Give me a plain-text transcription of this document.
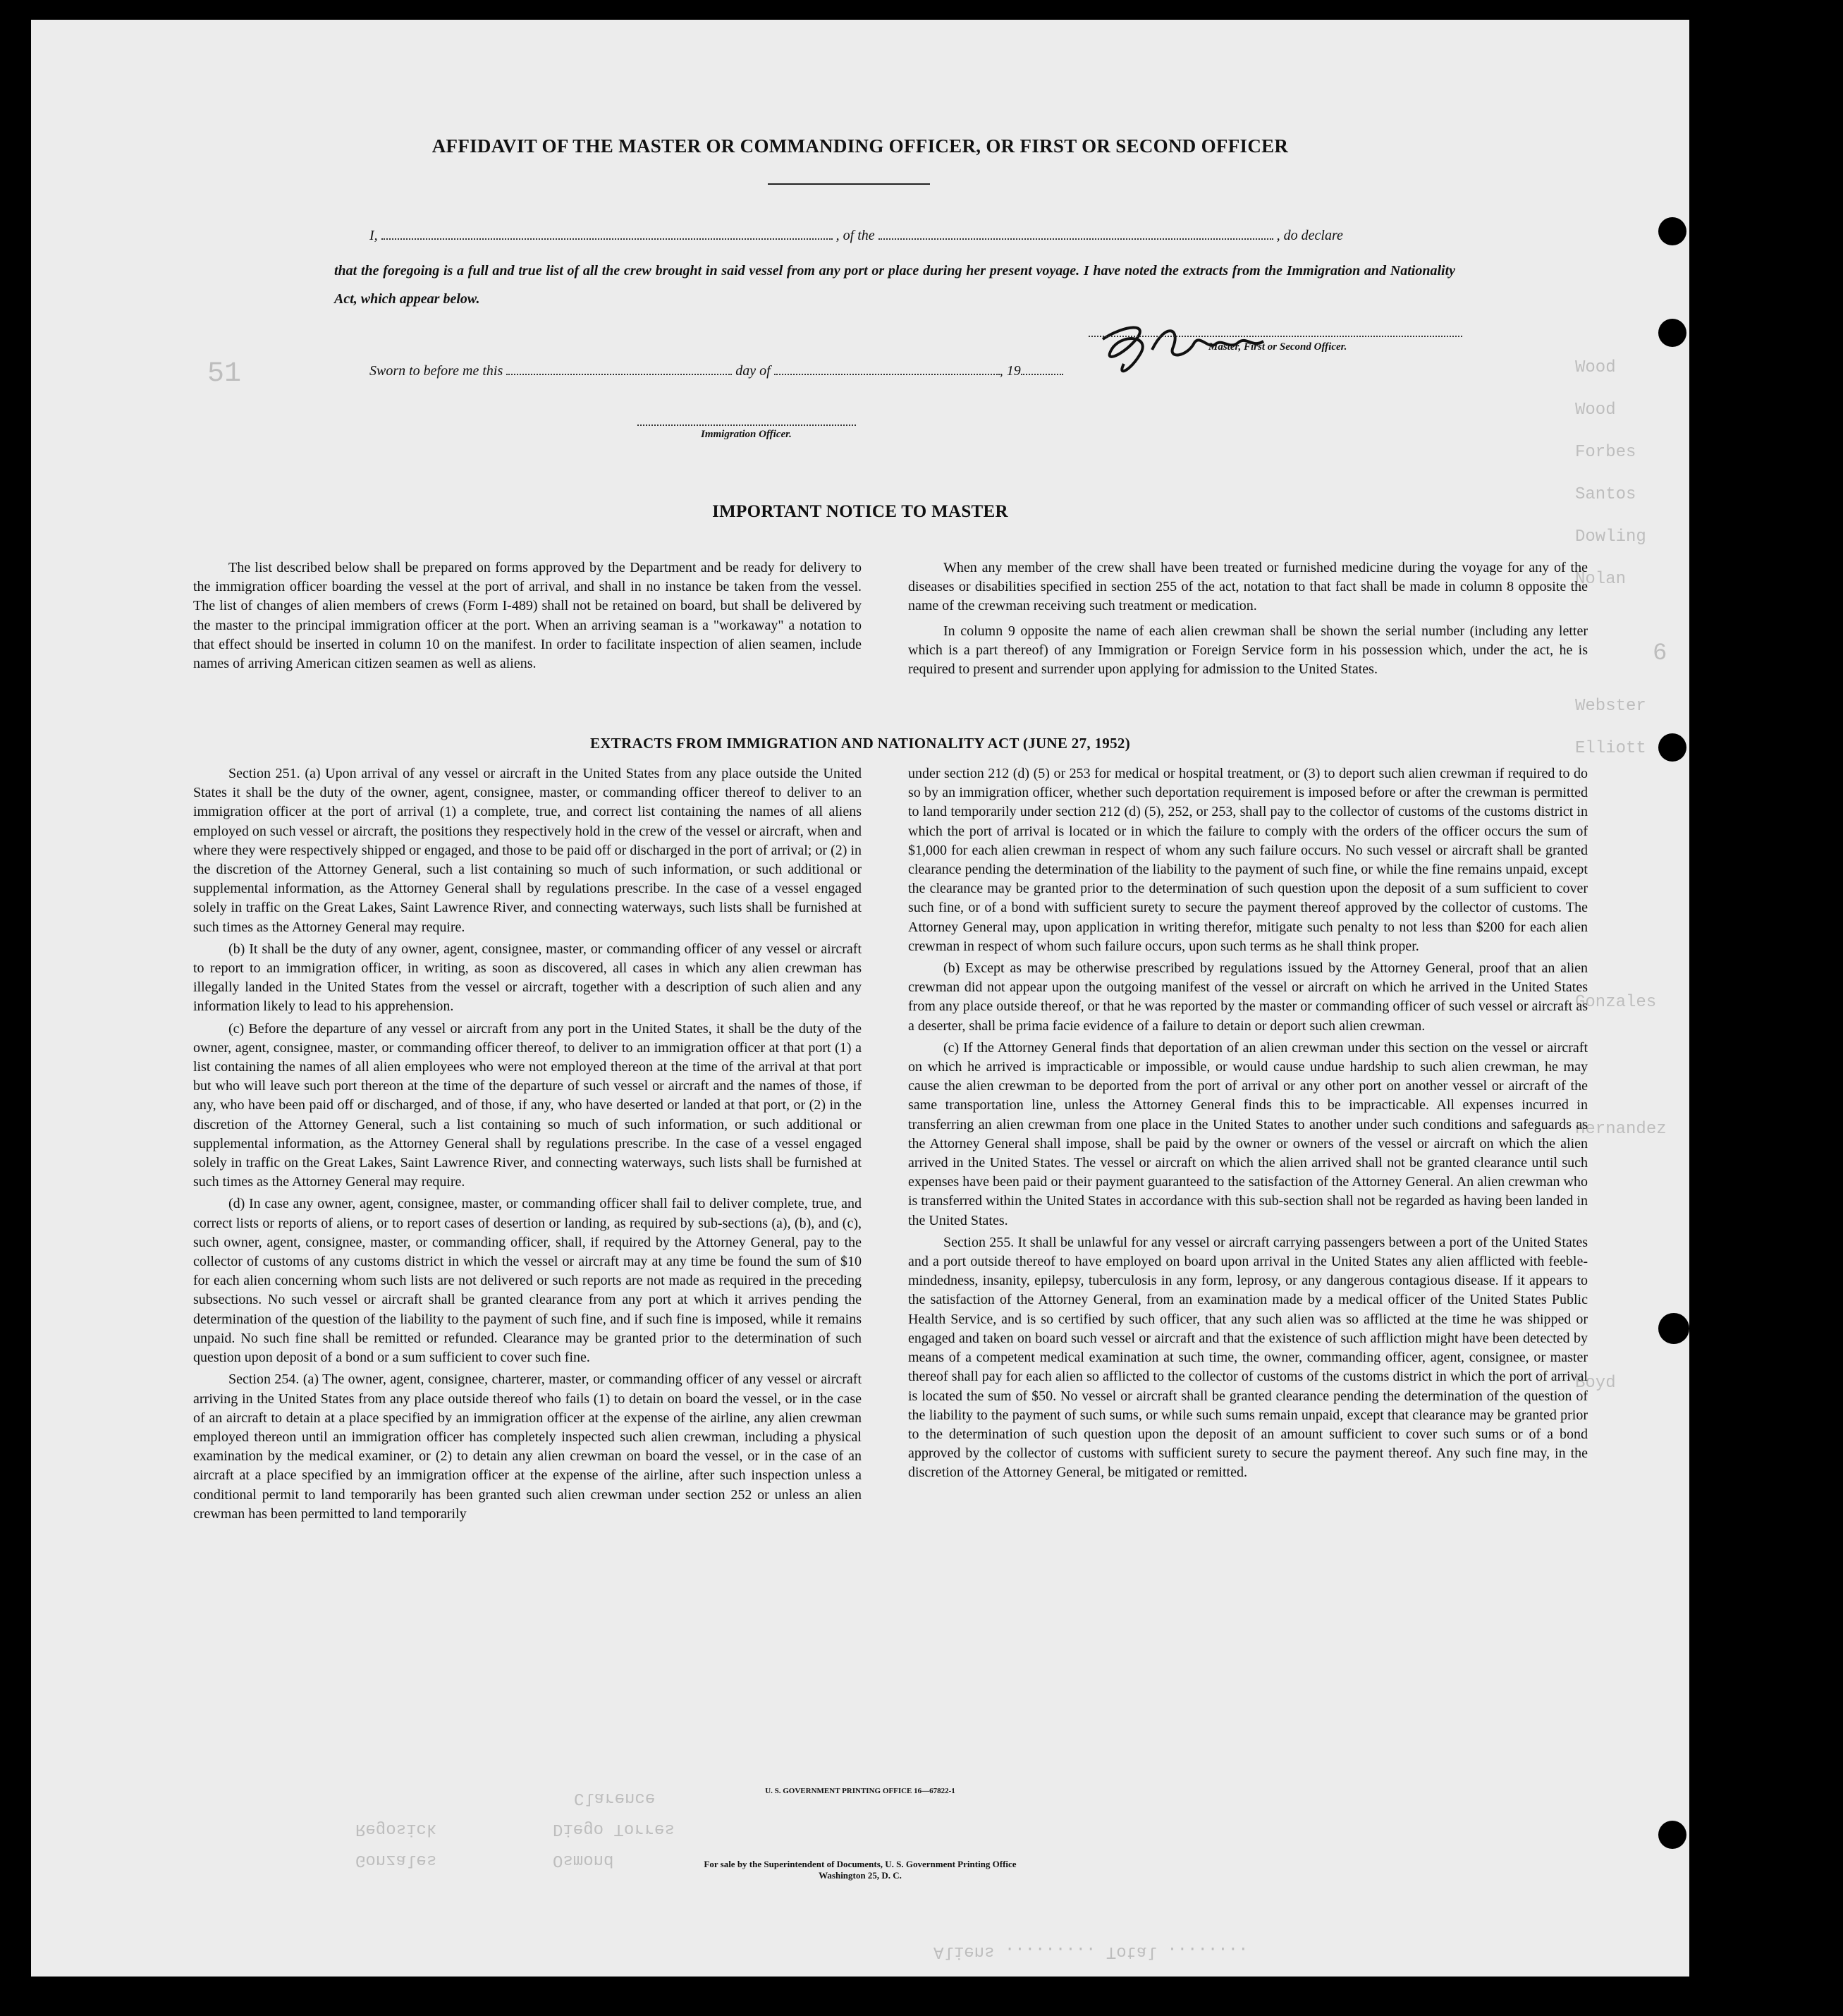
51
6
Wood
Wood
Forbes
Santos
Dowling
Nolan
Webster
Elliott
Gonzales
Hernandez
Boyd
Clarence
Diego Torres
Osmond
Regosick
Gonzales
Aliens ......... Total ........
AFFIDAVIT OF THE MASTER OR COMMANDING OFFICER, OR FIRST OR SECOND OFFICER
I,	, of the	, do declare
that the foregoing is a full and true list of all the crew brought in said vessel from any port or place during her present voyage. I have noted the extracts from the Immigration and Nationality Act, which appear below.
Master, First or Second Officer.
Sworn to before me this	day of	, 19
Immigration Officer.
IMPORTANT NOTICE TO MASTER

The list described below shall be prepared on forms approved by the Department and be ready for delivery to the immigration officer boarding the vessel at the port of arrival, and shall in no instance be taken from the vessel. The list of changes of alien members of crews (Form I-489) shall not be retained on board, but shall be delivered by the master to the principal immigration officer at the port. When an arriving seaman is a "workaway" a notation to that effect should be inserted in column 10 on the manifest. In order to facilitate inspection of alien seamen, include names of arriving American citizen seamen as well as aliens.

When any member of the crew shall have been treated or furnished medicine during the voyage for any of the diseases or disabilities specified in section 255 of the act, notation to that fact shall be made in column 8 opposite the name of the crewman receiving such treatment or medication.

In column 9 opposite the name of each alien crewman shall be shown the serial number (including any letter which is a part thereof) of any Immigration or Foreign Service form in his possession which, under the act, he is required to present and surrender upon applying for admission to the United States.

EXTRACTS FROM IMMIGRATION AND NATIONALITY ACT (JUNE 27, 1952)

Section 251. (a) Upon arrival of any vessel or aircraft in the United States from any place outside the United States it shall be the duty of the owner, agent, consignee, master, or commanding officer thereof to deliver to an immigration officer at the port of arrival (1) a complete, true, and correct list containing the names of all aliens employed on such vessel or aircraft, the positions they respectively hold in the crew of the vessel or aircraft, when and where they were respectively shipped or engaged, and those to be paid off or discharged in the port of arrival; or (2) in the discretion of the Attorney General, such a list containing so much of such information, or such additional or supplemental information, as the Attorney General shall by regulations prescribe. In the case of a vessel engaged solely in traffic on the Great Lakes, Saint Lawrence River, and connecting waterways, such lists shall be furnished at such times as the Attorney General may require.

(b) It shall be the duty of any owner, agent, consignee, master, or commanding officer of any vessel or aircraft to report to an immigration officer, in writing, as soon as discovered, all cases in which any alien crewman has illegally landed in the United States from the vessel or aircraft, together with a description of such alien and any information likely to lead to his apprehension.

(c) Before the departure of any vessel or aircraft from any port in the United States, it shall be the duty of the owner, agent, consignee, master, or commanding officer thereof, to deliver to an immigration officer at that port (1) a list containing the names of all alien employees who were not employed thereon at the time of the arrival at that port but who will leave such port thereon at the time of the departure of such vessel or aircraft and the names of those, if any, who have been paid off or discharged, and of those, if any, who have deserted or landed at that port, or (2) in the discretion of the Attorney General, such a list containing so much of such information, or such additional or supplemental information, as the Attorney General shall by regulations prescribe. In the case of a vessel engaged solely in traffic on the Great Lakes, Saint Lawrence River, and connecting waterways, such lists shall be furnished at such times as the Attorney General may require.

(d) In case any owner, agent, consignee, master, or commanding officer shall fail to deliver complete, true, and correct lists or reports of aliens, or to report cases of desertion or landing, as required by sub-sections (a), (b), and (c), such owner, agent, consignee, master, or commanding officer, shall, if required by the Attorney General, pay to the collector of customs of any customs district in which the vessel or aircraft may at any time be found the sum of $10 for each alien concerning whom such lists are not delivered or such reports are not made as required in the preceding subsections. No such vessel or aircraft shall be granted clearance from any port at which it arrives pending the determination of the question of the liability to the payment of such fine, and if such fine is imposed, while it remains unpaid. No such fine shall be remitted or refunded. Clearance may be granted prior to the determination of such question upon deposit of a bond or a sum sufficient to cover such fine.

Section 254. (a) The owner, agent, consignee, charterer, master, or commanding officer of any vessel or aircraft arriving in the United States from any place outside thereof who fails (1) to detain on board the vessel, or in the case of an aircraft to detain at a place specified by an immigration officer at the expense of the airline, any alien crewman employed thereon until an immigration officer has completely inspected such alien crewman, including a physical examination by the medical examiner, or (2) to detain any alien crewman on board the vessel, or in the case of an aircraft at a place specified by an immigration officer at the expense of the airline, after such inspection unless a conditional permit to land temporarily has been granted such alien crewman under section 252 or unless an alien crewman has been permitted to land temporarily

under section 212 (d) (5) or 253 for medical or hospital treatment, or (3) to deport such alien crewman if required to do so by an immigration officer, whether such deportation requirement is imposed before or after the crewman is permitted to land temporarily under section 212 (d) (5), 252, or 253, shall pay to the collector of customs of the customs district in which the port of arrival is located or in which the failure to comply with the orders of the officer occurs the sum of $1,000 for each alien crewman in respect of whom any such failure occurs. No such vessel or aircraft shall be granted clearance pending the determination of the liability to the payment of such fine, or while the fine remains unpaid, except the clearance may be granted prior to the determination of such question upon the deposit of a sum sufficient to cover such fine, or of a bond with sufficient surety to secure the payment thereof approved by the collector of customs. The Attorney General may, upon application in writing therefor, mitigate such penalty to not less than $200 for each alien crewman in respect of whom such failure occurs, upon such terms as he shall think proper.

(b) Except as may be otherwise prescribed by regulations issued by the Attorney General, proof that an alien crewman did not appear upon the outgoing manifest of the vessel or aircraft on which he arrived in the United States from any place outside thereof, or that he was reported by the master or commanding officer of such vessel or aircraft as a deserter, shall be prima facie evidence of a failure to detain or deport such alien crewman.

(c) If the Attorney General finds that deportation of an alien crewman under this section on the vessel or aircraft on which he arrived is impracticable or impossible, or would cause undue hardship to such alien crewman, he may cause the alien crewman to be deported from the port of arrival or any other port on another vessel or aircraft of the same transportation line, unless the Attorney General finds this to be impracticable. All expenses incurred in transferring an alien crewman from one place in the United States to another under such conditions and safeguards as the Attorney General shall impose, shall be paid by the owner or owners of the vessel or aircraft on which the alien arrived in the United States. The vessel or aircraft on which the alien arrived shall not be granted clearance until such expenses have been paid or their payment guaranteed to the satisfaction of the Attorney General. An alien crewman who is transferred within the United States in accordance with this sub-section shall not be regarded as having been landed in the United States.

Section 255. It shall be unlawful for any vessel or aircraft carrying passengers between a port of the United States and a port outside thereof to have employed on board upon arrival in the United States any alien afflicted with feeble-mindedness, insanity, epilepsy, tuberculosis in any form, leprosy, or any dangerous contagious disease. If it appears to the satisfaction of the Attorney General, from an examination made by a medical officer of the United States Public Health Service, and is so certified by such officer, that any such alien was so afflicted at the time he was shipped or engaged and taken on board such vessel or aircraft and that the existence of such affliction might have been detected by means of a competent medical examination at such time, the owner, commanding officer, agent, consignee, or master thereof shall pay for each alien so afflicted to the collector of customs of the customs district in which the port of arrival is located the sum of $50. No vessel or aircraft shall be granted clearance pending the determination of the question of the liability to the payment of such sums, or while such sums remain unpaid, except that clearance may be granted prior to the determination of such question upon the deposit of an amount sufficient to cover such sums or of a bond approved by the collector of customs with sufficient surety to secure the payment thereof. Any such fine may, in the discretion of the Attorney General, be mitigated or remitted.

U. S. GOVERNMENT PRINTING OFFICE 16—67822-1
For sale by the Superintendent of Documents, U. S. Government Printing Office
Washington 25, D. C.
